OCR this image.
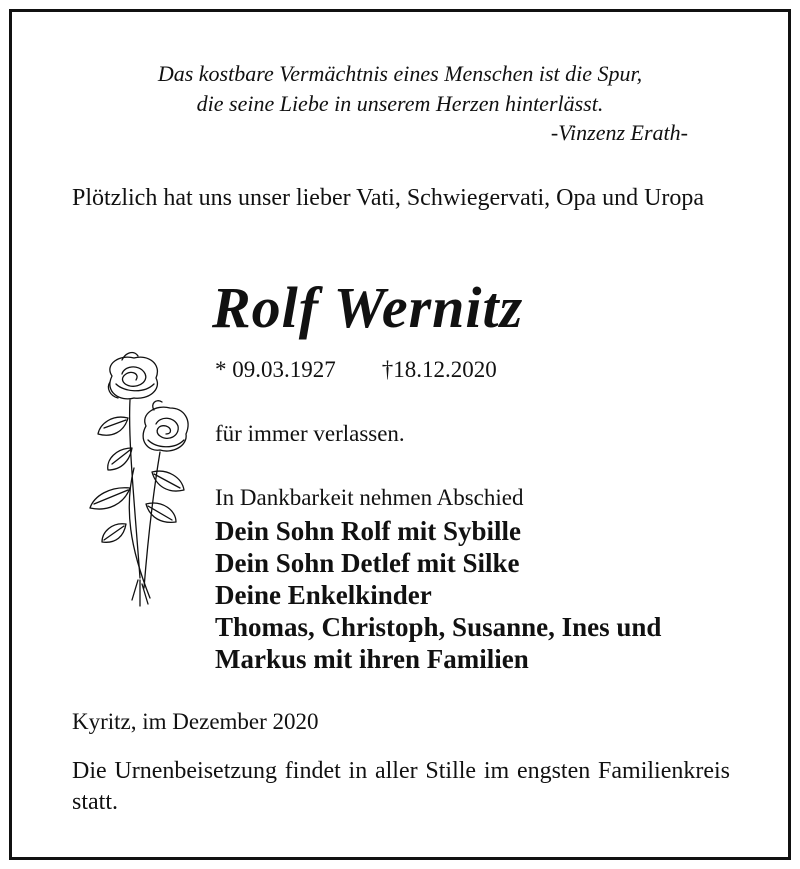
Das kostbare Vermächtnis eines Menschen ist die Spur,
die seine Liebe in unserem Herzen hinterlässt.
-Vinzenz Erath-
Plötzlich hat uns unser lieber Vati, Schwiegervati, Opa und Uropa
Rolf Wernitz
* 09.03.1927 †18.12.2020
für immer verlassen.
In Dankbarkeit nehmen Abschied
Dein Sohn Rolf mit Sybille
Dein Sohn Detlef mit Silke
Deine Enkelkinder
Thomas, Christoph, Susanne, Ines und
Markus mit ihren Familien
Kyritz, im Dezember 2020
Die Urnenbeisetzung findet in aller Stille im engsten Familienkreis statt.
